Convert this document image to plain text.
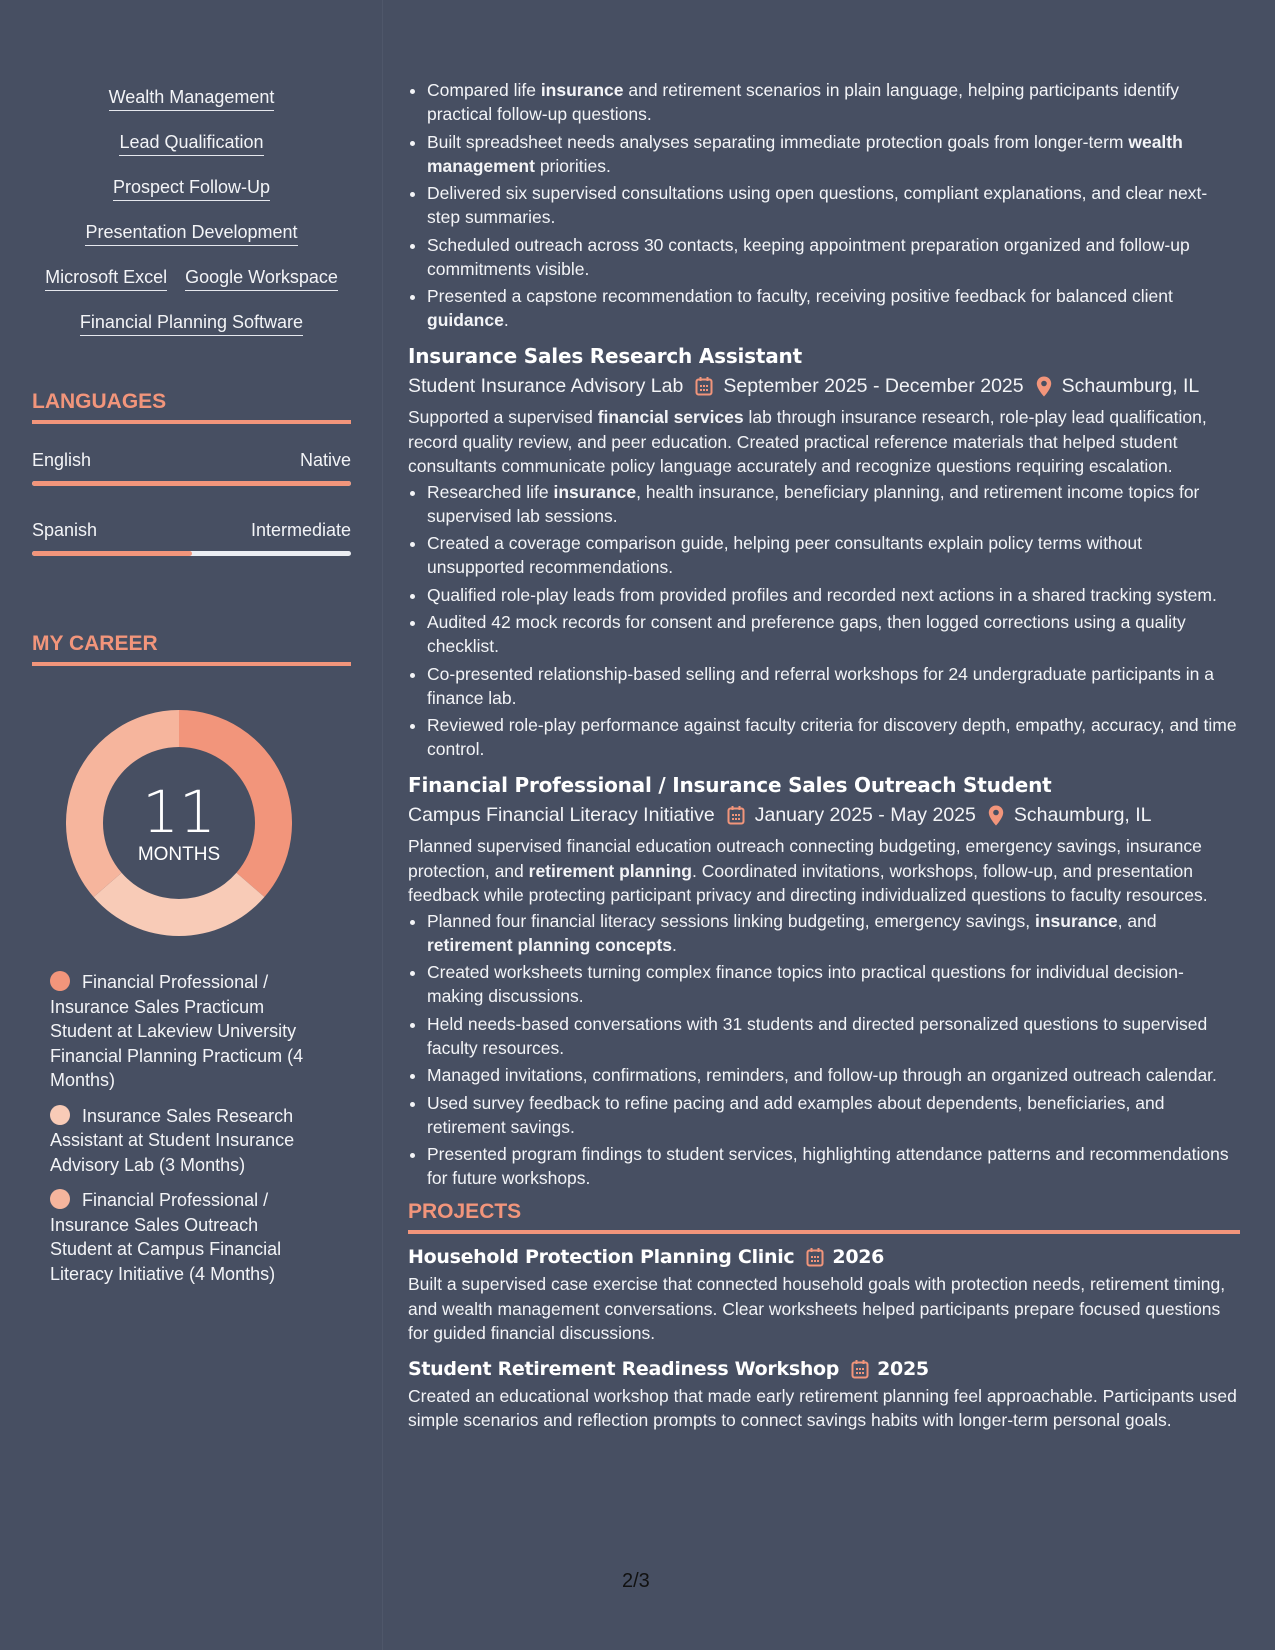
Wealth Management
Lead Qualification
Prospect Follow-Up
Presentation Development
Microsoft Excel Google Workspace
Financial Planning Software
LANGUAGES
English	Native
Spanish	Intermediate
MY CAREER
11
MONTHS
Financial Professional / Insurance Sales Practicum Student at Lakeview University Financial Planning Practicum (4 Months)
Insurance Sales Research Assistant at Student Insurance Advisory Lab (3 Months)
Financial Professional / Insurance Sales Outreach Student at Campus Financial Literacy Initiative (4 Months)
• Compared life insurance and retirement scenarios in plain language, helping participants identify practical follow-up questions.
• Built spreadsheet needs analyses separating immediate protection goals from longer-term wealth management priorities.
• Delivered six supervised consultations using open questions, compliant explanations, and clear next-step summaries.
• Scheduled outreach across 30 contacts, keeping appointment preparation organized and follow-up commitments visible.
• Presented a capstone recommendation to faculty, receiving positive feedback for balanced client guidance.
Insurance Sales Research Assistant
Student Insurance Advisory Lab September 2025 - December 2025 Schaumburg, IL
Supported a supervised financial services lab through insurance research, role-play lead qualification, record quality review, and peer education. Created practical reference materials that helped student consultants communicate policy language accurately and recognize questions requiring escalation.
• Researched life insurance, health insurance, beneficiary planning, and retirement income topics for supervised lab sessions.
• Created a coverage comparison guide, helping peer consultants explain policy terms without unsupported recommendations.
• Qualified role-play leads from provided profiles and recorded next actions in a shared tracking system.
• Audited 42 mock records for consent and preference gaps, then logged corrections using a quality checklist.
• Co-presented relationship-based selling and referral workshops for 24 undergraduate participants in a finance lab.
• Reviewed role-play performance against faculty criteria for discovery depth, empathy, accuracy, and time control.
Financial Professional / Insurance Sales Outreach Student
Campus Financial Literacy Initiative January 2025 - May 2025 Schaumburg, IL
Planned supervised financial education outreach connecting budgeting, emergency savings, insurance protection, and retirement planning. Coordinated invitations, workshops, follow-up, and presentation feedback while protecting participant privacy and directing individualized questions to faculty resources.
• Planned four financial literacy sessions linking budgeting, emergency savings, insurance, and retirement planning concepts.
• Created worksheets turning complex finance topics into practical questions for individual decision-making discussions.
• Held needs-based conversations with 31 students and directed personalized questions to supervised faculty resources.
• Managed invitations, confirmations, reminders, and follow-up through an organized outreach calendar.
• Used survey feedback to refine pacing and add examples about dependents, beneficiaries, and retirement savings.
• Presented program findings to student services, highlighting attendance patterns and recommendations for future workshops.
PROJECTS
Household Protection Planning Clinic 2026
Built a supervised case exercise that connected household goals with protection needs, retirement timing, and wealth management conversations. Clear worksheets helped participants prepare focused questions for guided financial discussions.
Student Retirement Readiness Workshop 2025
Created an educational workshop that made early retirement planning feel approachable. Participants used simple scenarios and reflection prompts to connect savings habits with longer-term personal goals.
2/3
